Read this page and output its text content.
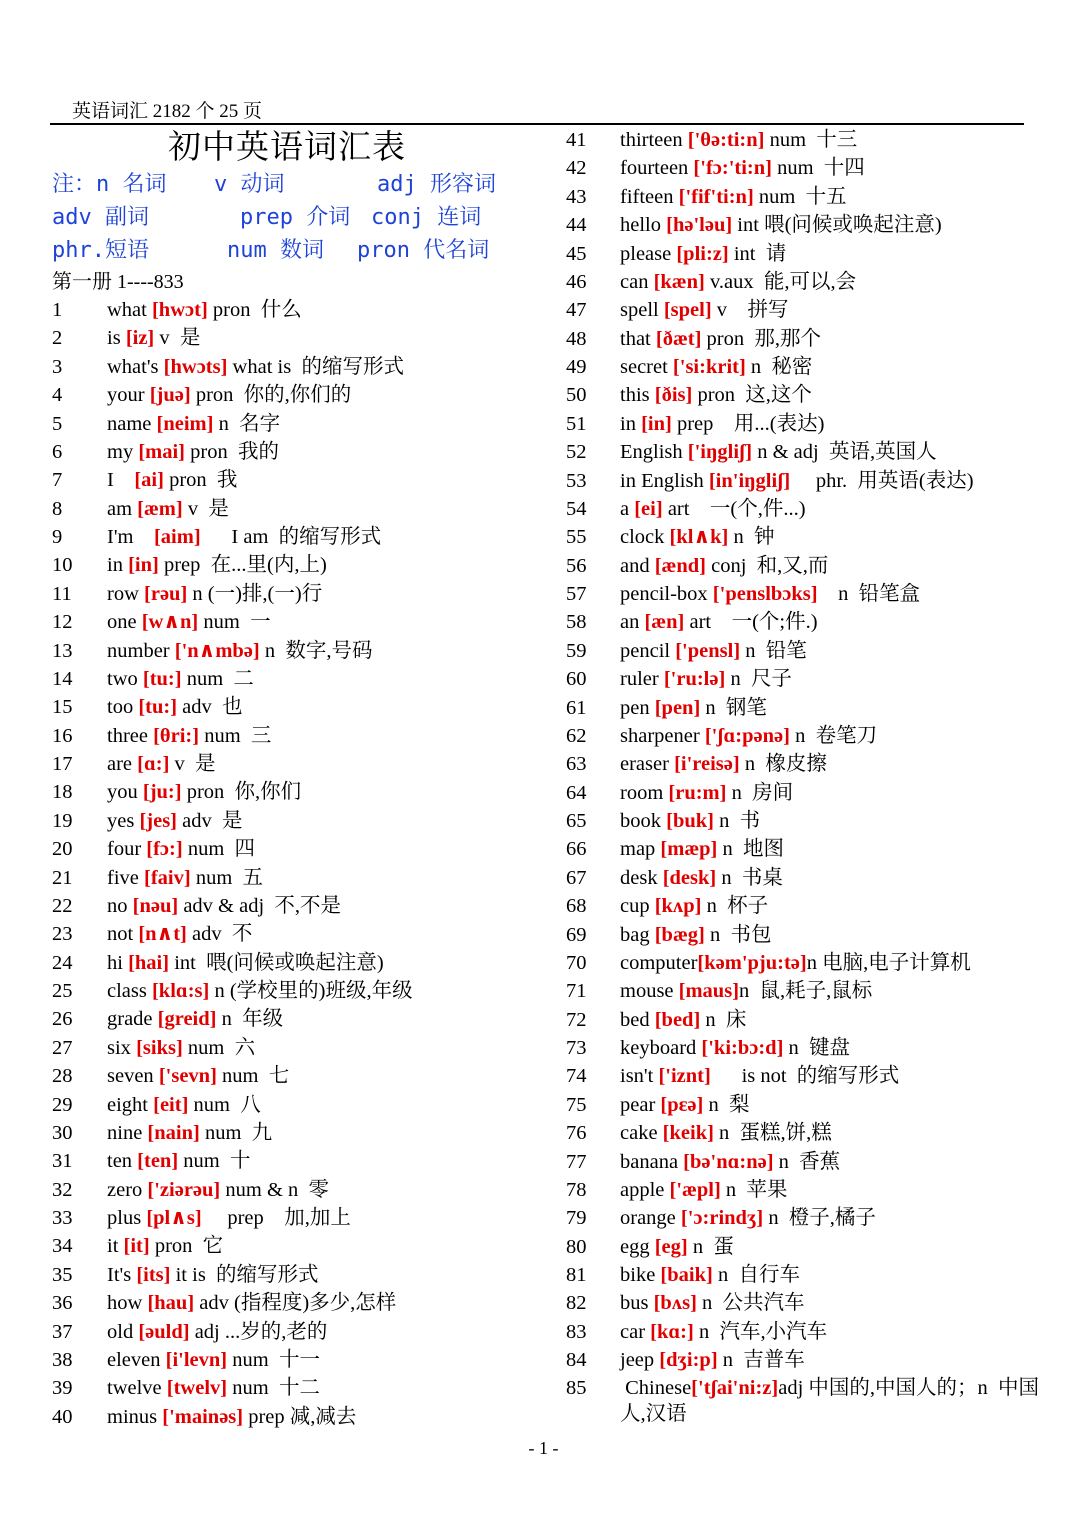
英语词汇 2182 个 25 页
初中英语词汇表
注：n 名词 v 动词	adj 形容词
adv 副词	prep 介词 conj 连词
phr.短语	num 数词 pron 代名词
第一册 1----833
1 what [hwɔt] pron  什么
2 is [iz] v  是
3 what's [hwɔts] what is  的缩写形式
4 your [juə] pron  你的,你们的
5 name [neim] n  名字
6 my [mai] pron  我的
7 I    [ai] pron  我
8 am [æm] v  是
9 I'm    [aim]      I am  的缩写形式
10 in [in] prep  在...里(内,上)
11 row [rəu] n (一)排,(一)行
12 one [w∧n] num  一
13 number ['n∧mbə] n  数字,号码
14 two [tu:] num  二
15 too [tu:] adv  也
16 three [θri:] num  三
17 are [ɑ:] v  是
18 you [ju:] pron  你,你们
19 yes [jes] adv  是
20 four [fɔ:] num  四
21 five [faiv] num  五
22 no [nəu] adv & adj  不,不是
23 not [n∧t] adv  不
24 hi [hai] int  喂(问候或唤起注意)
25 class [klɑ:s] n (学校里的)班级,年级
26 grade [greid] n  年级
27 six [siks] num  六
28 seven ['sevn] num  七
29 eight [eit] num  八
30 nine [nain] num  九
31 ten [ten] num  十
32 zero ['ziərəu] num & n  零
33 plus [pl∧s]     prep    加,加上
34 it [it] pron  它
35 It's [its] it is  的缩写形式
36 how [hau] adv (指程度)多少,怎样
37 old [əuld] adj ...岁的,老的
38 eleven [i'levn] num  十一
39 twelve [twelv] num  十二
40 minus ['mainəs] prep 减,减去
41 thirteen ['θə:ti:n] num  十三
42 fourteen ['fɔ:'ti:n] num  十四
43 fifteen ['fif'ti:n] num  十五
44 hello [hə'ləu] int 喂(问候或唤起注意)
45 please [pli:z] int  请
46 can [kæn] v.aux  能,可以,会
47 spell [spel] v    拼写
48 that [ðæt] pron  那,那个
49 secret ['si:krit] n  秘密
50 this [ðis] pron  这,这个
51 in [in] prep    用...(表达)
52 English ['iŋgliʃ] n & adj  英语,英国人
53 in English [in'iŋgliʃ]     phr.  用英语(表达)
54 a [ei] art    一(个,件...)
55 clock [kl∧k] n  钟
56 and [ænd] conj  和,又,而
57 pencil-box ['penslbɔks]    n  铅笔盒
58 an [æn] art    一(个;件.)
59 pencil ['pensl] n  铅笔
60 ruler ['ru:lə] n  尺子
61 pen [pen] n  钢笔
62 sharpener ['ʃɑ:pənə] n  卷笔刀
63 eraser [i'reisə] n  橡皮擦
64 room [ru:m] n  房间
65 book [buk] n  书
66 map [mæp] n  地图
67 desk [desk] n  书桌
68 cup [kʌp] n  杯子
69 bag [bæg] n  书包
70 computer[kəm'pju:tə]n 电脑,电子计算机
71 mouse [maus]n  鼠,耗子,鼠标
72 bed [bed] n  床
73 keyboard ['ki:bɔ:d] n  键盘
74 isn't ['iznt]      is not  的缩写形式
75 pear [pɛə] n  梨
76 cake [keik] n  蛋糕,饼,糕
77 banana [bə'nɑ:nə] n  香蕉
78 apple ['æpl] n  苹果
79 orange ['ɔ:rindʒ] n  橙子,橘子
80 egg [eg] n  蛋
81 bike [baik] n  自行车
82 bus [bʌs] n  公共汽车
83 car [kɑ:] n  汽车,小汽车
84 jeep [dʒi:p] n  吉普车
85 Chinese['tʃai'ni:z]adj 中国的,中国人的；n  中国人,汉语
- 1 -
